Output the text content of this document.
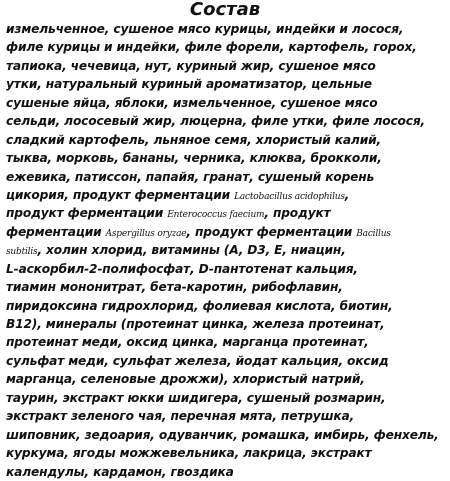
Состав
измельченное, сушеное мясо курицы, индейки и лосося,
филе курицы и индейки, филе форели, картофель, горох,
тапиока, чечевица, нут, куриный жир, сушеное мясо
утки, натуральный куриный ароматизатор, цельные
сушеные яйца, яблоки, измельченное, сушеное мясо
сельди, лососевый жир, люцерна, филе утки, филе лосося,
сладкий картофель, льняное семя, хлористый калий,
тыква, морковь, бананы, черника, клюква, брокколи,
ежевика, патиссон, папайя, гранат, сушеный корень
цикория, продукт ферментации Lactobacillus acidophilus,
продукт ферментации Enterococcus faecium, продукт
ферментации Aspergillus oryzae, продукт ферментации Bacillus
subtilis, холин хлорид, витамины (A, D3, E, ниацин,
L-аскорбил-2-полифосфат, D-пантотенат кальция,
тиамин мононитрат, бета-каротин, рибофлавин,
пиридоксина гидрохлорид, фолиевая кислота, биотин,
B12), минералы (протеинат цинка, железа протеинат,
протеинат меди, оксид цинка, марганца протеинат,
сульфат меди, сульфат железа, йодат кальция, оксид
марганца, селеновые дрожжи), хлористый натрий,
таурин, экстракт юкки шидигера, сушеный розмарин,
экстракт зеленого чая, перечная мята, петрушка,
шиповник, зедоария, одуванчик, ромашка, имбирь, фенхель,
куркума, ягоды можжевельника, лакрица, экстракт
календулы, кардамон, гвоздика
